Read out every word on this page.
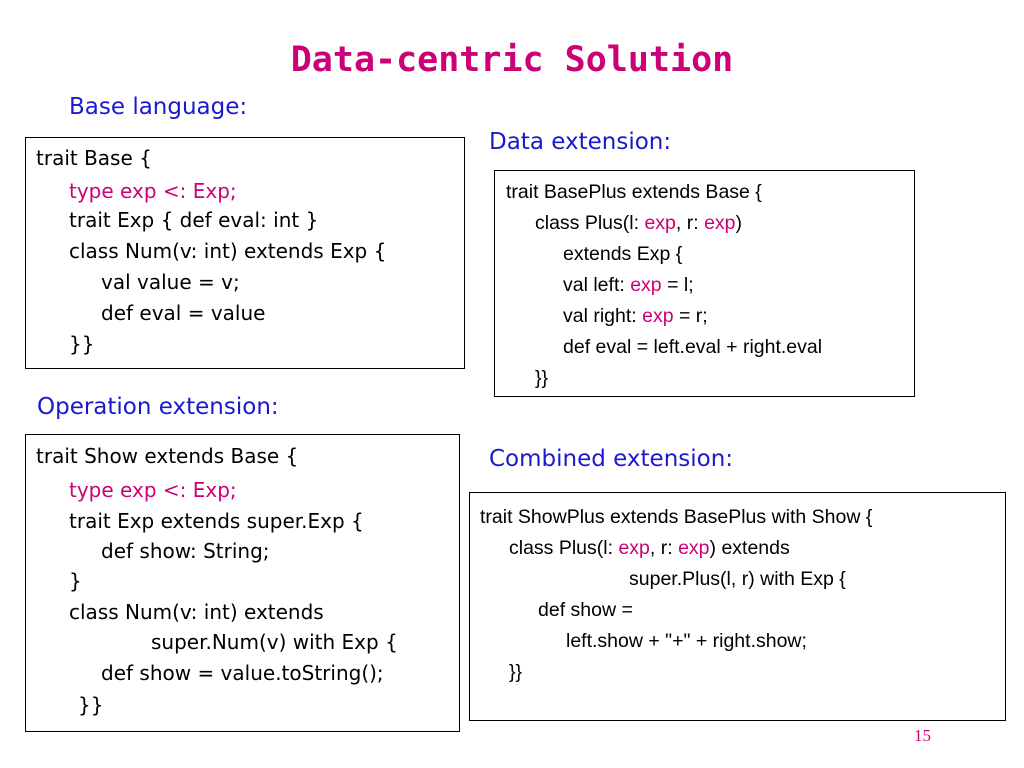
Data-centric Solution
Base language:
Data extension:
Operation extension:
Combined extension:
trait Base {
type exp <: Exp;
trait Exp { def eval: int }
class Num(v: int) extends Exp {
val value = v;
def eval = value
}}
trait BasePlus extends Base {
class Plus(l: exp, r: exp)
extends Exp {
val left: exp = l;
val right: exp = r;
def eval = left.eval + right.eval
}}
trait Show extends Base {
type exp <: Exp;
trait Exp extends super.Exp {
def show: String;
}
class Num(v: int) extends
super.Num(v) with Exp {
def show = value.toString();
}}
trait ShowPlus extends BasePlus with Show {
class Plus(l: exp, r: exp) extends
super.Plus(l, r) with Exp {
def show =
left.show + "+" + right.show;
}}
15
